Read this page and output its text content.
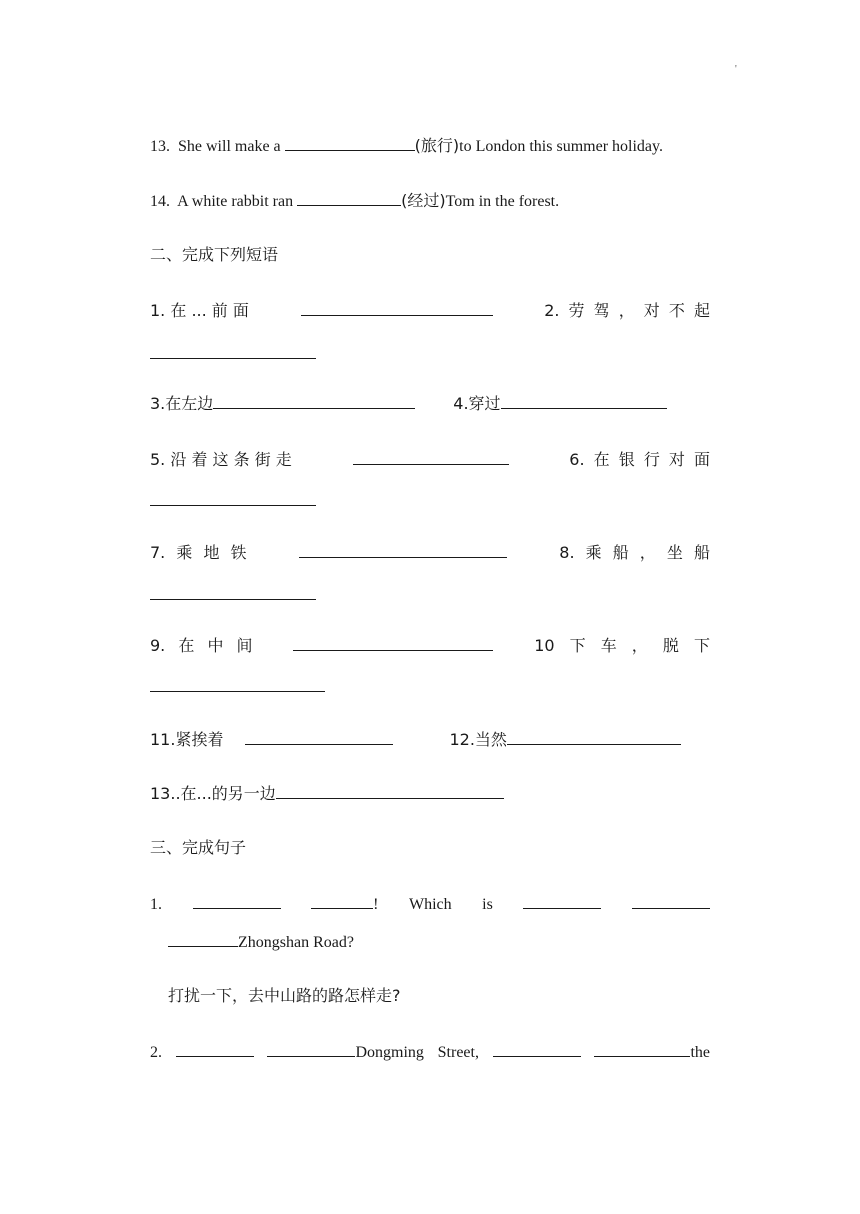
'
13. She will make a	(旅行)to London this summer holiday.
14. A white rabbit ran	(经过)Tom in the forest.
二、完成下列短语
1. 在 ... 前 面	2. 劳 驾 ， 对 不 起
3.在左边	4.穿过
5. 沿 着 这 条 街 走	6. 在 银 行 对 面
7. 乘 地 铁	8. 乘 船 ， 坐 船
9. 在 中 间	10 下 车 ， 脱 下
11.紧挨着	12.当然
13..在...的另一边
三、完成句子
1.	! Which is
Zhongshan Road?
打扰一下，去中山路的路怎样走?
2.	Dongming Street,	the
